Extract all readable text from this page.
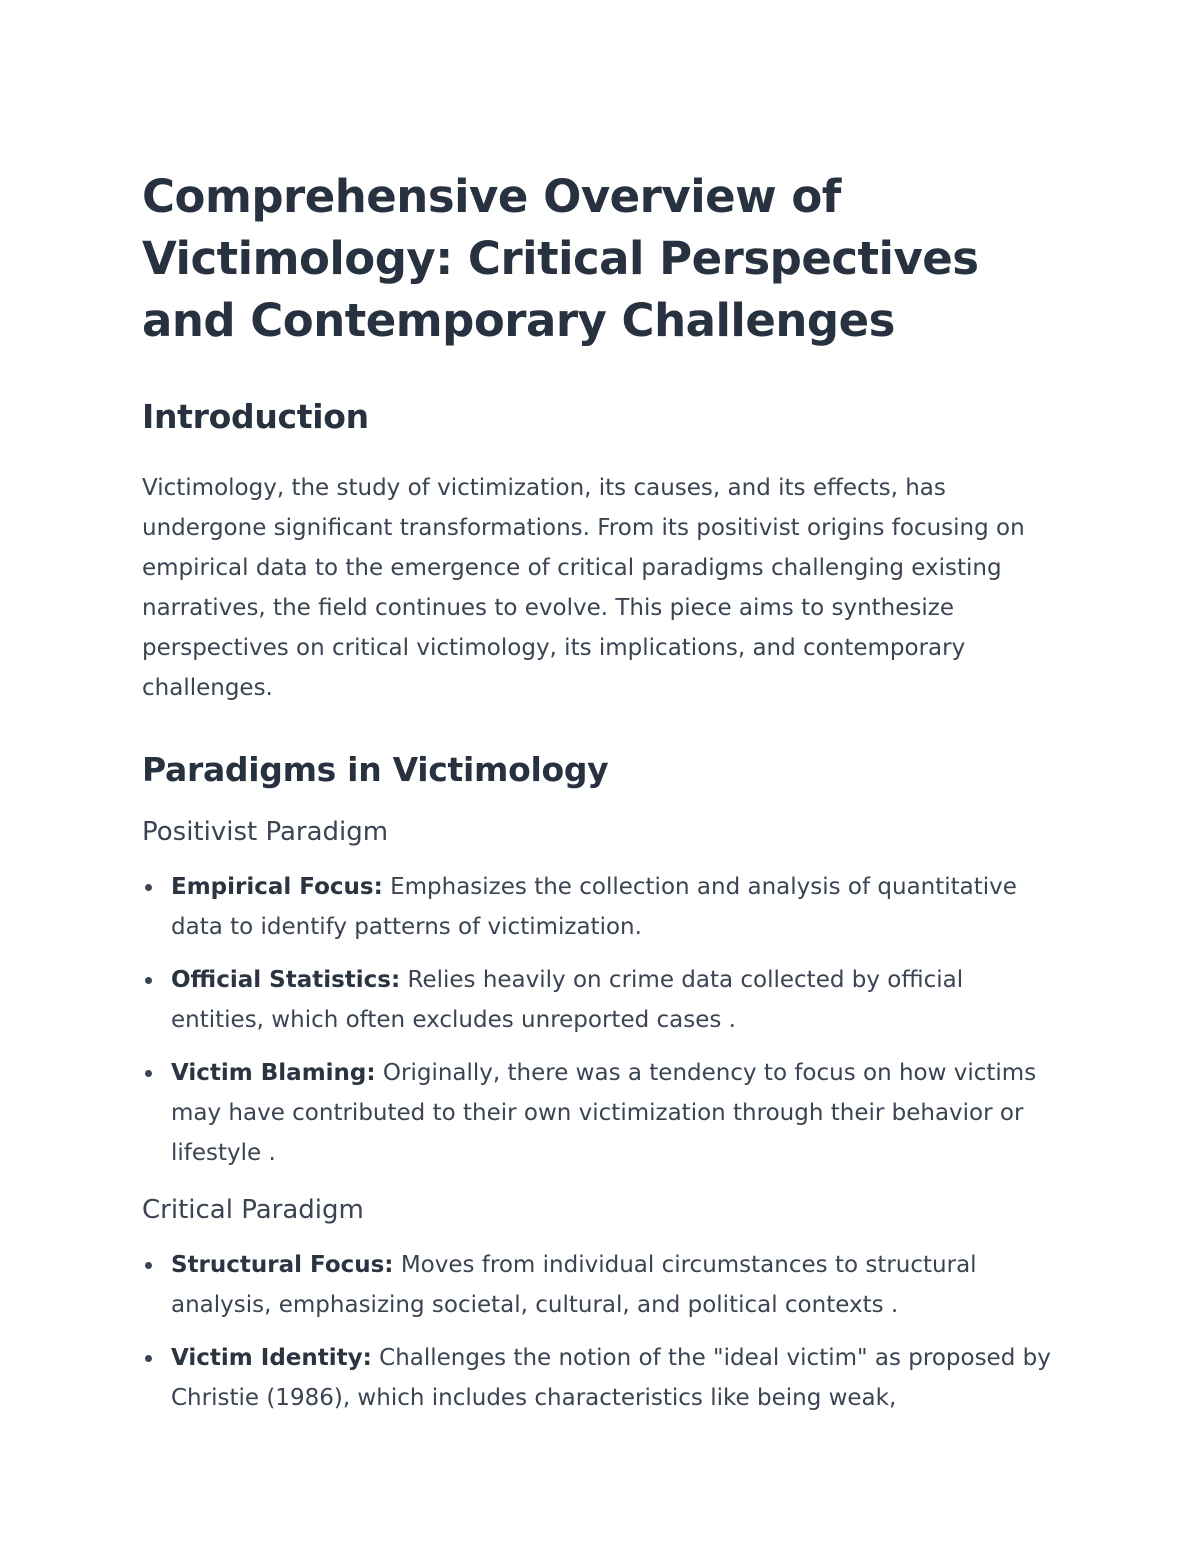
Comprehensive Overview of Victimology: Critical Perspectives and Contemporary Challenges
Introduction

Victimology, the study of victimization, its causes, and its effects, has undergone significant transformations. From its positivist origins focusing on empirical data to the emergence of critical paradigms challenging existing narratives, the field continues to evolve. This piece aims to synthesize perspectives on critical victimology, its implications, and contemporary challenges.

Paradigms in Victimology
Positivist Paradigm
Empirical Focus: Emphasizes the collection and analysis of quantitative data to identify patterns of victimization.
Official Statistics: Relies heavily on crime data collected by official entities, which often excludes unreported cases .
Victim Blaming: Originally, there was a tendency to focus on how victims may have contributed to their own victimization through their behavior or lifestyle .
Critical Paradigm
Structural Focus: Moves from individual circumstances to structural analysis, emphasizing societal, cultural, and political contexts .
Victim Identity: Challenges the notion of the "ideal victim" as proposed by Christie (1986), which includes characteristics like being weak,
